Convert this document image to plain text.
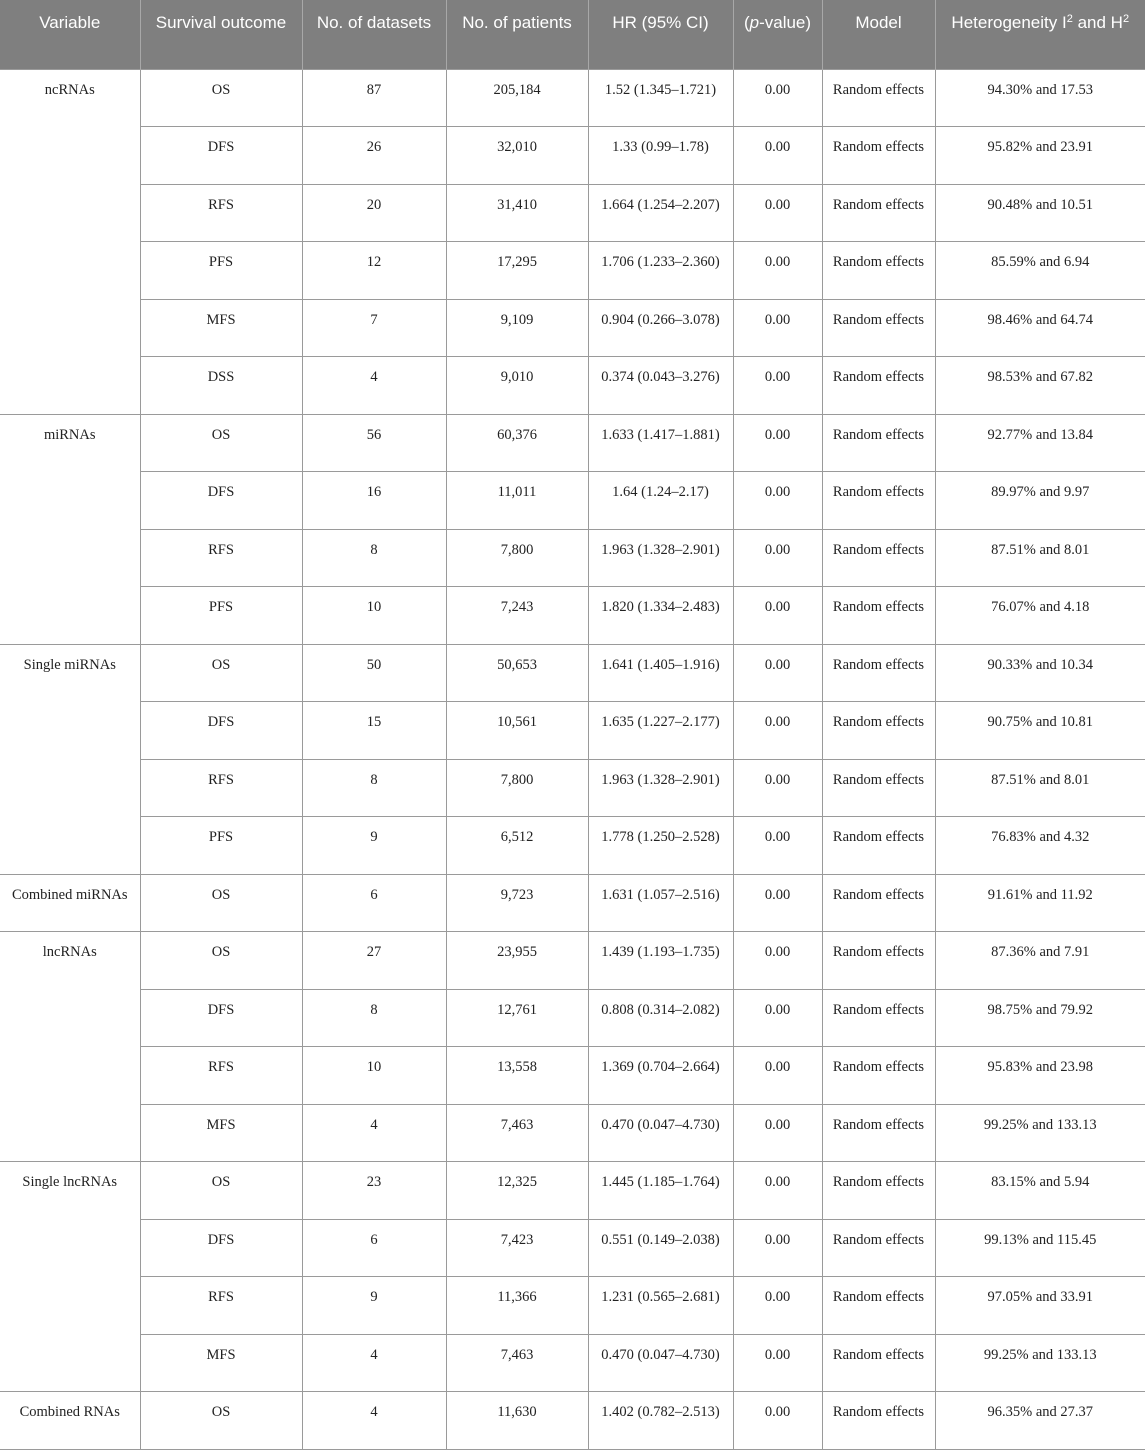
Variable	Survival outcome	No. of datasets	No. of patients	HR (95% CI)	(p-value)	Model	Heterogeneity $I^2$ and $H^2$
ncRNAs	OS	87	205,184	1.52 (1.345–1.721)	0.00	Random effects	94.30% and 17.53
	DFS	26	32,010	1.33 (0.99–1.78)	0.00	Random effects	95.82% and 23.91
	RFS	20	31,410	1.664 (1.254–2.207)	0.00	Random effects	90.48% and 10.51
	PFS	12	17,295	1.706 (1.233–2.360)	0.00	Random effects	85.59% and 6.94
	MFS	7	9,109	0.904 (0.266–3.078)	0.00	Random effects	98.46% and 64.74
	DSS	4	9,010	0.374 (0.043–3.276)	0.00	Random effects	98.53% and 67.82
miRNAs	OS	56	60,376	1.633 (1.417–1.881)	0.00	Random effects	92.77% and 13.84
	DFS	16	11,011	1.64 (1.24–2.17)	0.00	Random effects	89.97% and 9.97
	RFS	8	7,800	1.963 (1.328–2.901)	0.00	Random effects	87.51% and 8.01
	PFS	10	7,243	1.820 (1.334–2.483)	0.00	Random effects	76.07% and 4.18
Single miRNAs	OS	50	50,653	1.641 (1.405–1.916)	0.00	Random effects	90.33% and 10.34
	DFS	15	10,561	1.635 (1.227–2.177)	0.00	Random effects	90.75% and 10.81
	RFS	8	7,800	1.963 (1.328–2.901)	0.00	Random effects	87.51% and 8.01
	PFS	9	6,512	1.778 (1.250–2.528)	0.00	Random effects	76.83% and 4.32
Combined miRNAs	OS	6	9,723	1.631 (1.057–2.516)	0.00	Random effects	91.61% and 11.92
lncRNAs	OS	27	23,955	1.439 (1.193–1.735)	0.00	Random effects	87.36% and 7.91
	DFS	8	12,761	0.808 (0.314–2.082)	0.00	Random effects	98.75% and 79.92
	RFS	10	13,558	1.369 (0.704–2.664)	0.00	Random effects	95.83% and 23.98
	MFS	4	7,463	0.470 (0.047–4.730)	0.00	Random effects	99.25% and 133.13
Single lncRNAs	OS	23	12,325	1.445 (1.185–1.764)	0.00	Random effects	83.15% and 5.94
	DFS	6	7,423	0.551 (0.149–2.038)	0.00	Random effects	99.13% and 115.45
	RFS	9	11,366	1.231 (0.565–2.681)	0.00	Random effects	97.05% and 33.91
	MFS	4	7,463	0.470 (0.047–4.730)	0.00	Random effects	99.25% and 133.13
Combined RNAs	OS	4	11,630	1.402 (0.782–2.513)	0.00	Random effects	96.35% and 27.37
